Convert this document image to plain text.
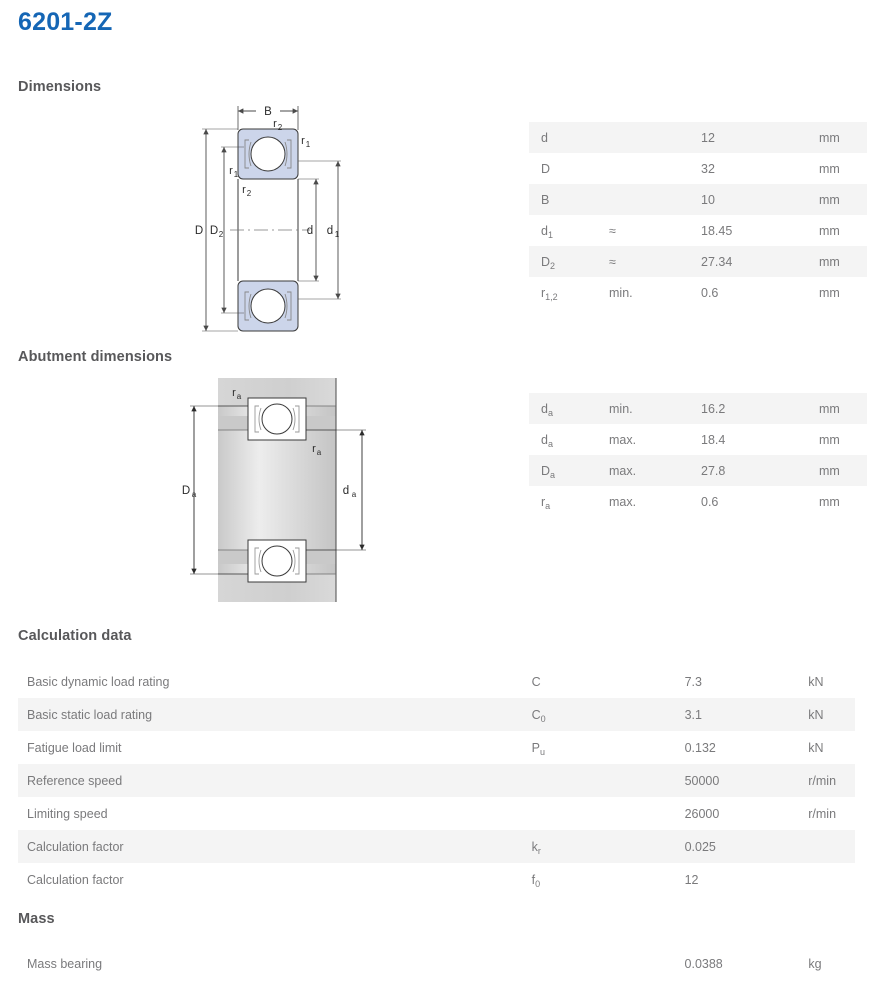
6201-2Z
Dimensions
Abutment dimensions
Calculation data
Mass
B
D D 2	d d 1
r 2
r 1
r 1
r 2
D a	d a
r a
r a
d		12	mm
D		32	mm
B		10	mm
$d_1$	≈	18.45	mm
$D_2$	≈	27.34	mm
$r_{1,2}$	min.	0.6	mm
$d_a$	min.	16.2	mm
$d_a$	max.	18.4	mm
$D_a$	max.	27.8	mm
$r_a$	max.	0.6	mm
Basic dynamic load rating	C	7.3	kN
Basic static load rating	$C_0$	3.1	kN
Fatigue load limit	$P_u$	0.132	kN
Reference speed		50000	r/min
Limiting speed		26000	r/min
Calculation factor	$k_r$	0.025	
Calculation factor	$f_0$	12	
Mass bearing		0.0388	kg
